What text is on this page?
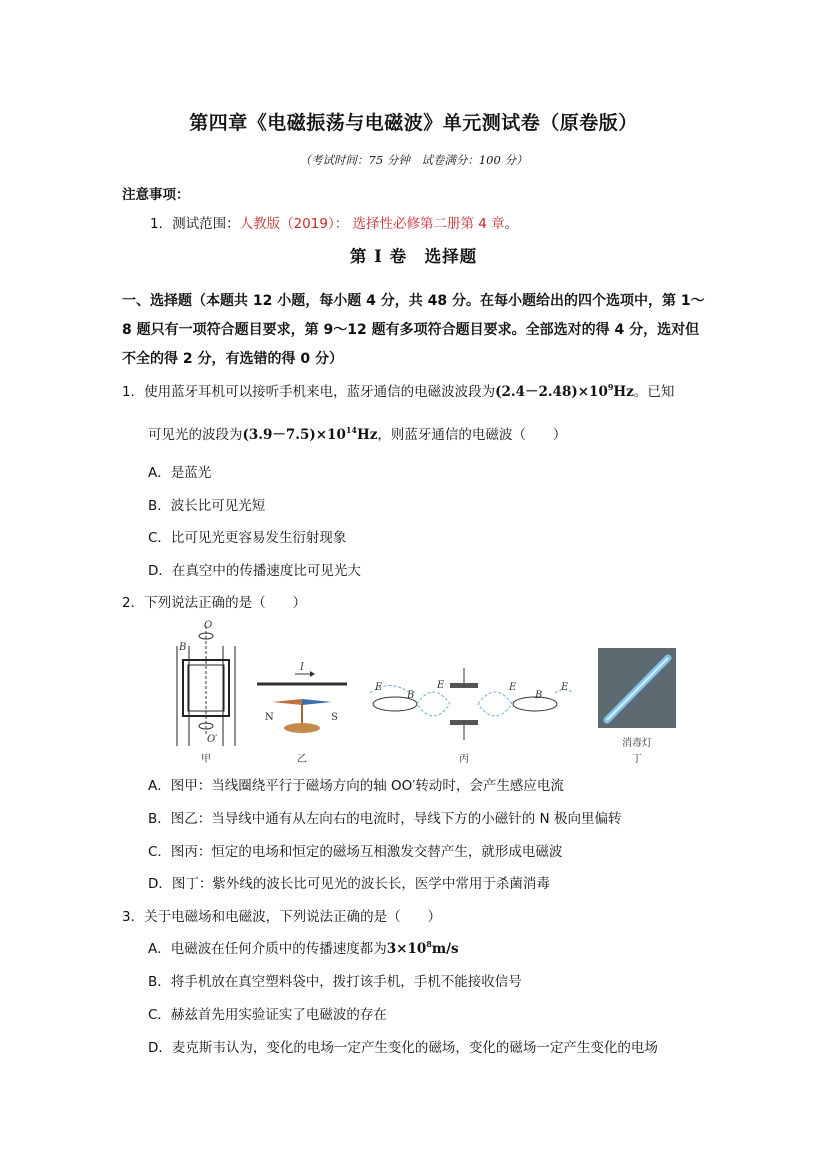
第四章《电磁振荡与电磁波》单元测试卷（原卷版）
（考试时间：75 分钟　试卷满分：100 分）
注意事项：
1．测试范围：人教版（2019）： 选择性必修第二册第 4 章。
第 I 卷　选择题
一、选择题（本题共 12 小题，每小题 4 分，共 48 分。在每小题给出的四个选项中，第 1～
8 题只有一项符合题目要求，第 9～12 题有多项符合题目要求。全部选对的得 4 分，选对但
不全的得 2 分，有选错的得 0 分）
1．使用蓝牙耳机可以接听手机来电，蓝牙通信的电磁波波段为$(2.4-2.48)\times 10^9Hz$。已知
可见光的波段为$(3.9-7.5)\times 10^{14}Hz$，则蓝牙通信的电磁波（　　）
A．是蓝光
B．波长比可见光短
C．比可见光更容易发生衍射现象
D．在真空中的传播速度比可见光大
2．下列说法正确的是（　　）
B
O
O′
甲
I
N	S
乙
E
B
E	E
B
E
丙
消毒灯
丁
A．图甲：当线圈绕平行于磁场方向的轴 OO′转动时，会产生感应电流
B．图乙：当导线中通有从左向右的电流时，导线下方的小磁针的 N 极向里偏转
C．图丙：恒定的电场和恒定的磁场互相激发交替产生，就形成电磁波
D．图丁：紫外线的波长比可见光的波长长，医学中常用于杀菌消毒
3．关于电磁场和电磁波，下列说法正确的是（　　）
A．电磁波在任何介质中的传播速度都为$3\times 10^8m/s$
B．将手机放在真空塑料袋中，拨打该手机，手机不能接收信号
C．赫兹首先用实验证实了电磁波的存在
D．麦克斯韦认为，变化的电场一定产生变化的磁场，变化的磁场一定产生变化的电场
